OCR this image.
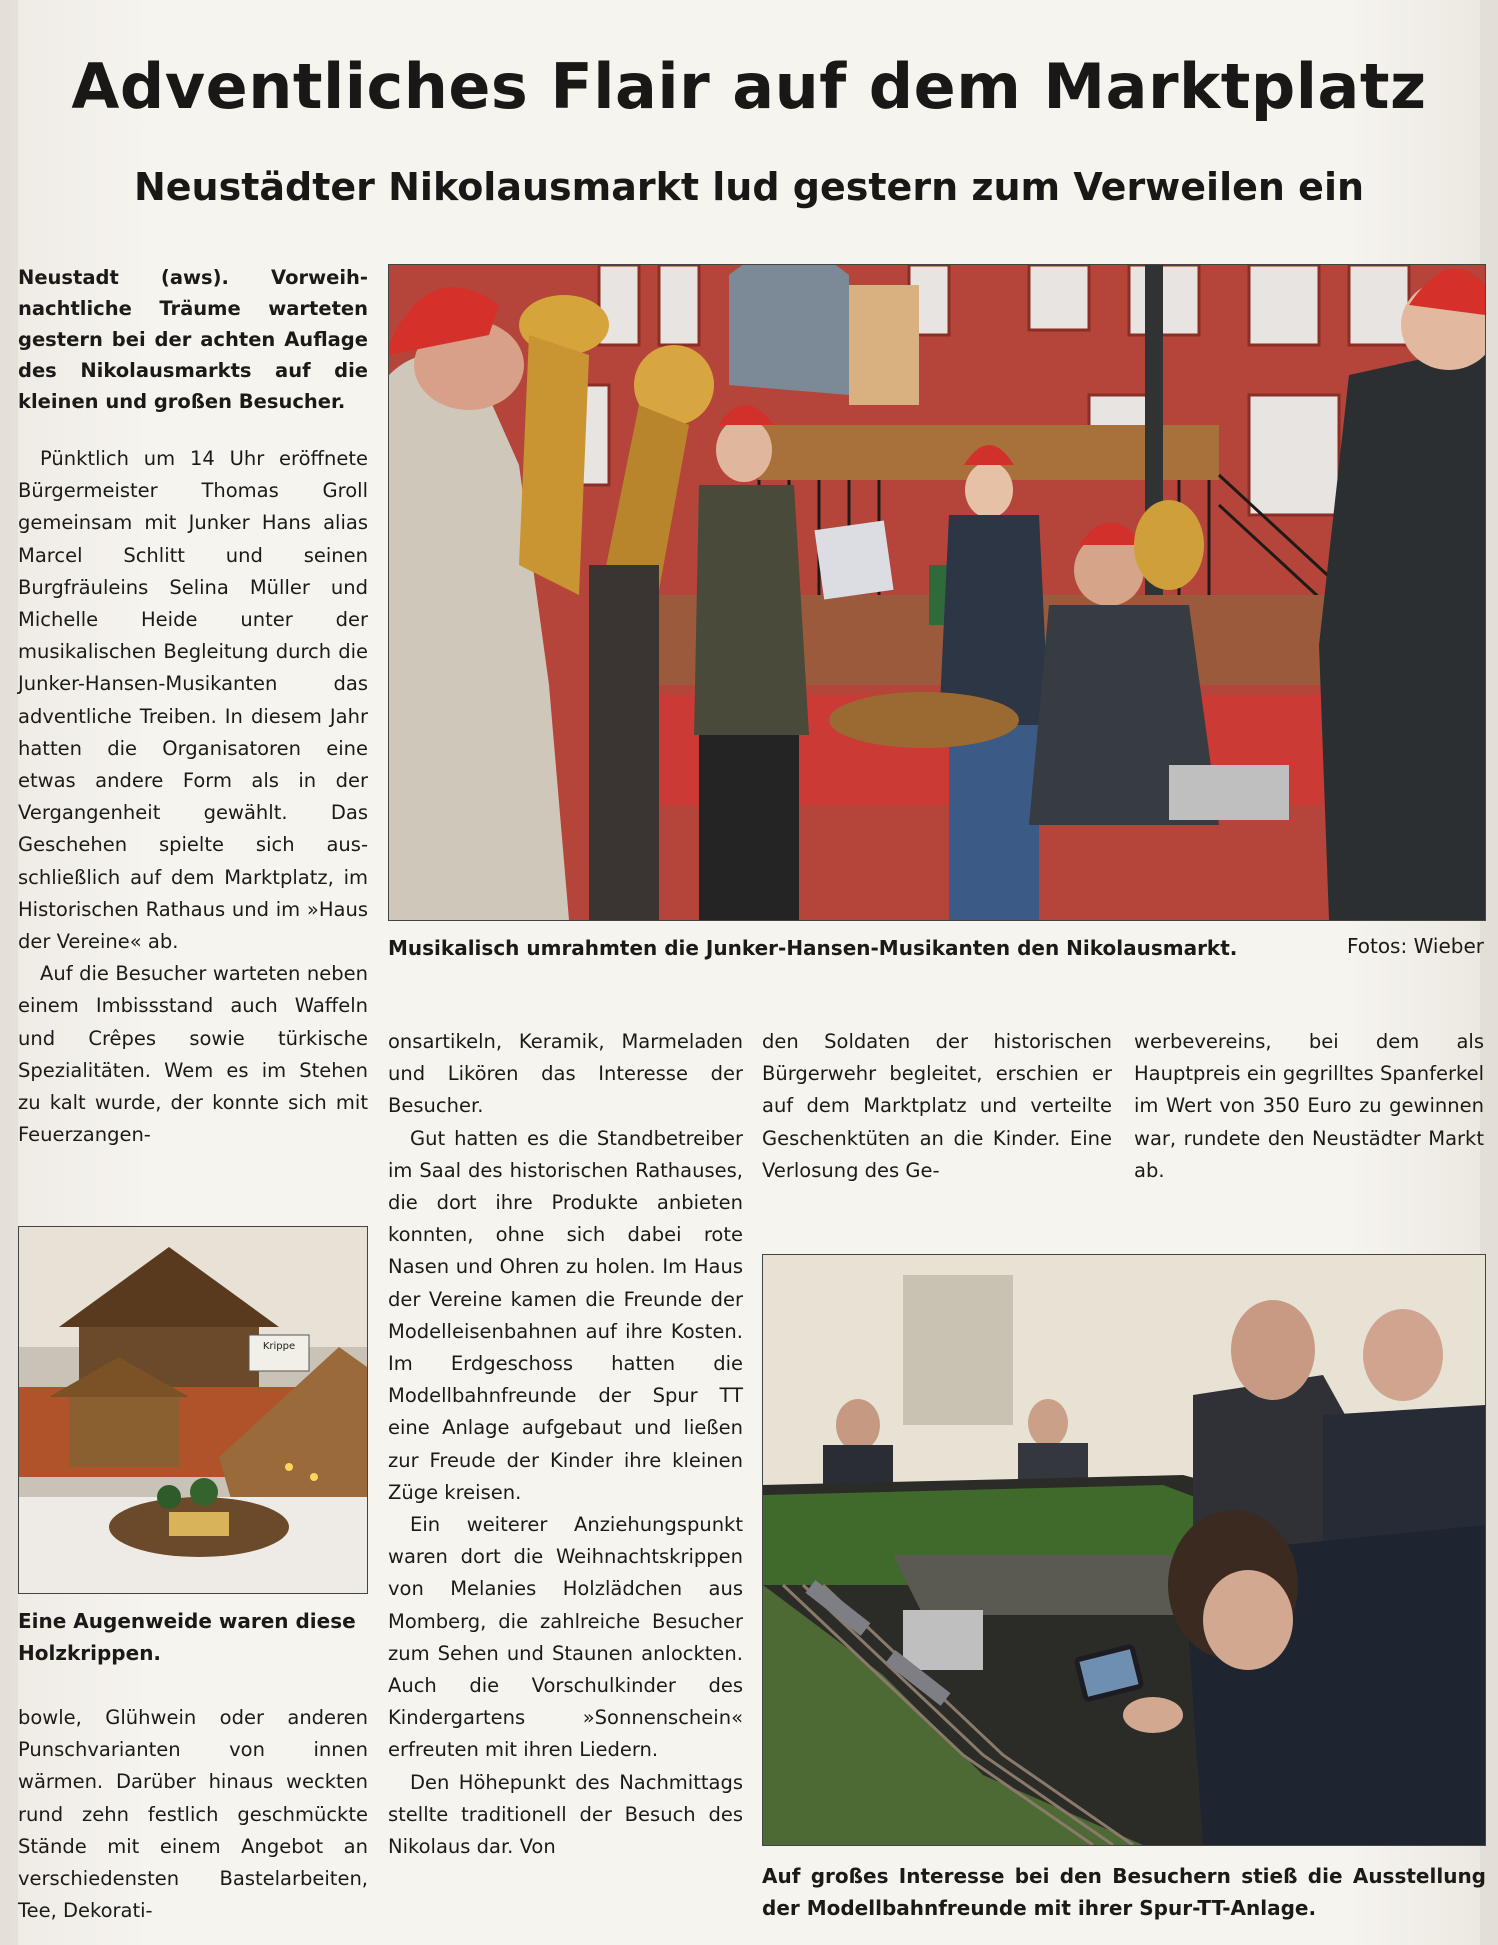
Adventliches Flair auf dem Marktplatz
Neustädter Nikolausmarkt lud gestern zum Verweilen ein

Neustadt (aws). Vorweihnachtliche Träume warteten gestern bei der achten Auflage des Nikolausmarkts auf die kleinen und großen Besucher.

Pünktlich um 14 Uhr eröffnete Bürgermeister Thomas Groll gemeinsam mit Junker Hans alias Marcel Schlitt und seinen Burgfräuleins Selina Müller und Michelle Heide unter der musikalischen Begleitung durch die Junker-Hansen-Musikanten das adventliche Treiben. In diesem Jahr hatten die Organisatoren eine etwas andere Form als in der Vergangenheit gewählt. Das Geschehen spielte sich ausschließlich auf dem Marktplatz, im Historischen Rathaus und im »Haus der Vereine« ab.

Auf die Besucher warteten neben einem Imbissstand auch Waffeln und Crêpes sowie türkische Spezialitäten. Wem es im Stehen zu kalt wurde, der konnte sich mit Feuerzangen-

Musikalisch umrahmten die Junker-Hansen-Musikanten den Nikolausmarkt.	Fotos: Wieber
Krippe
Eine Augenweide waren diese Holzkrippen.

bowle, Glühwein oder anderen Punschvarianten von innen wärmen. Darüber hinaus weckten rund zehn festlich geschmückte Stände mit einem Angebot an verschiedensten Bastelarbeiten, Tee, Dekorati-

onsartikeln, Keramik, Marmeladen und Likören das Interesse der Besucher.

Gut hatten es die Standbetreiber im Saal des historischen Rathauses, die dort ihre Produkte anbieten konnten, ohne sich dabei rote Nasen und Ohren zu holen. Im Haus der Vereine kamen die Freunde der Modelleisenbahnen auf ihre Kosten. Im Erdgeschoss hatten die Modellbahnfreunde der Spur TT eine Anlage aufgebaut und ließen zur Freude der Kinder ihre kleinen Züge kreisen.

Ein weiterer Anziehungspunkt waren dort die Weihnachtskrippen von Melanies Holzlädchen aus Momberg, die zahlreiche Besucher zum Sehen und Staunen anlockten. Auch die Vorschulkinder des Kindergartens »Sonnenschein« erfreuten mit ihren Liedern.

Den Höhepunkt des Nachmittags stellte traditionell der Besuch des Nikolaus dar. Von

den Soldaten der historischen Bürgerwehr begleitet, erschien er auf dem Marktplatz und verteilte Geschenktüten an die Kinder. Eine Verlosung des Ge-

werbevereins, bei dem als Hauptpreis ein gegrilltes Spanferkel im Wert von 350 Euro zu gewinnen war, rundete den Neustädter Markt ab.

Auf großes Interesse bei den Besuchern stieß die Ausstellung der Modellbahnfreunde mit ihrer Spur-TT-Anlage.
